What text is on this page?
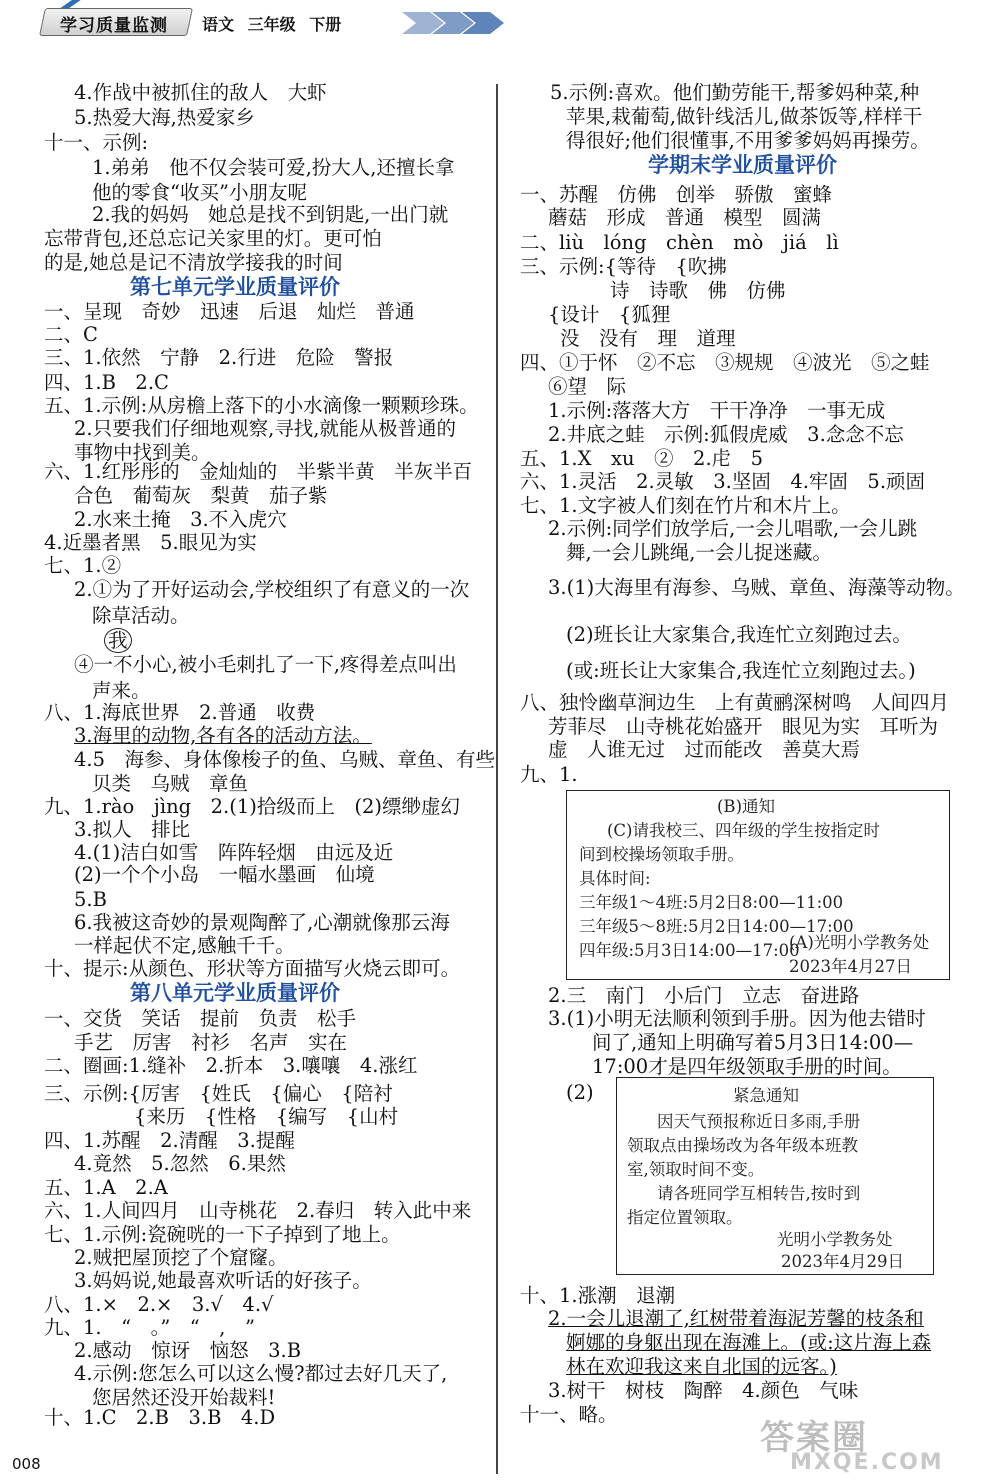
学习质量监测 语文 三年级 下册
4.作战中被抓住的敌人　大虾
5.热爱大海,热爱家乡
十一、示例:
1.弟弟　他不仅会装可爱,扮大人,还擅长拿
他的零食“收买”小朋友呢
2.我的妈妈　她总是找不到钥匙,一出门就
忘带背包,还总忘记关家里的灯。更可怕
的是,她总是记不清放学接我的时间
第七单元学业质量评价
一、呈现　奇妙　迅速　后退　灿烂　普通
二、C
三、1.依然　宁静　2.行进　危险　警报
四、1.B　2.C
五、1.示例:从房檐上落下的小水滴像一颗颗珍珠。
2.只要我们仔细地观察,寻找,就能从极普通的
事物中找到美。
六、1.红彤彤的　金灿灿的　半紫半黄　半灰半百
合色　葡萄灰　梨黄　茄子紫
2.水来土掩　3.不入虎穴
4.近墨者黑　5.眼见为实
七、1.②
2.①为了开好运动会,学校组织了有意义的一次
除草活动。
我
④一不小心,被小毛刺扎了一下,疼得差点叫出
声来。
八、1.海底世界　2.普通　收费
3.海里的动物,各有各的活动方法。
4.5　海参、身体像梭子的鱼、乌贼、章鱼、有些
贝类　乌贼　章鱼
九、1.rào　jìng　2.(1)拾级而上　(2)缥缈虚幻
3.拟人　排比
4.(1)洁白如雪　阵阵轻烟　由远及近
(2)一个个小岛　一幅水墨画　仙境
5.B
6.我被这奇妙的景观陶醉了,心潮就像那云海
一样起伏不定,感触千千。
十、提示:从颜色、形状等方面描写火烧云即可。
第八单元学业质量评价
一、交货　笑话　提前　负责　松手
手艺　厉害　衬衫　名声　实在
二、圈画:1.缝补　2.折本　3.嚷嚷　4.涨红
三、示例:{厉害　{姓氏　{偏心　{陪衬
{来历　{性格　{编写　{山村
四、1.苏醒　2.清醒　3.提醒
4.竟然　5.忽然　6.果然
五、1.A　2.A
六、1.人间四月　山寺桃花　2.春归　转入此中来
七、1.示例:瓷碗咣的一下子掉到了地上。
2.贼把屋顶挖了个窟窿。
3.妈妈说,她最喜欢听话的好孩子。
八、1.×　2.×　3.√　4.√
九、1.　“　。”　“　,　”
2.感动　惊讶　恼怒　3.B
4.示例:您怎么可以这么慢?都过去好几天了,
您居然还没开始裁料!
十、1.C　2.B　3.B　4.D
5.示例:喜欢。他们勤劳能干,帮爹妈种菜,种
苹果,栽葡萄,做针线活儿,做茶饭等,样样干
得很好;他们很懂事,不用爹爹妈妈再操劳。
学期末学业质量评价
一、苏醒　仿佛　创举　骄傲　蜜蜂
蘑菇　形成　普通　模型　圆满
二、liù　lóng　chèn　mò　jiá　lì
三、示例:{等待　{吹拂
诗　诗歌　佛　仿佛
{设计　{狐狸
没　没有　理　道理
四、①于怀　②不忘　③规规　④波光　⑤之蛙
⑥望　际
1.示例:落落大方　干干净净　一事无成
2.井底之蛙　示例:狐假虎威　3.念念不忘
五、1.X　xu　②　2.虍　5
六、1.灵活　2.灵敏　3.坚固　4.牢固　5.顽固
七、1.文字被人们刻在竹片和木片上。
2.示例:同学们放学后,一会儿唱歌,一会儿跳
舞,一会儿跳绳,一会儿捉迷藏。
3.(1)大海里有海参、乌贼、章鱼、海藻等动物。
(2)班长让大家集合,我连忙立刻跑过去。
(或:班长让大家集合,我连忙立刻跑过去。)
八、独怜幽草涧边生　上有黄鹂深树鸣　人间四月
芳菲尽　山寺桃花始盛开　眼见为实　耳听为
虚　人谁无过　过而能改　善莫大焉
九、1.
(B)通知
(C)请我校三、四年级的学生按指定时
间到校操场领取手册。
具体时间:
三年级1～4班:5月2日8:00—11:00
三年级5～8班:5月2日14:00—17:00
四年级:5月3日14:00—17:00
(A)光明小学教务处
2023年4月27日
2.三　南门　小后门　立志　奋进路
3.(1)小明无法顺利领到手册。因为他去错时
间了,通知上明确写着5月3日14:00—
17:00才是四年级领取手册的时间。
(2)	紧急通知
因天气预报称近日多雨,手册
领取点由操场改为各年级本班教
室,领取时间不变。
请各班同学互相转告,按时到
指定位置领取。
光明小学教务处
2023年4月29日
十、1.涨潮　退潮
2.一会儿退潮了,红树带着海泥芳馨的枝条和
婀娜的身躯出现在海滩上。(或:这片海上森
林在欢迎我这来自北国的远客。)
3.树干　树枝　陶醉　4.颜色　气味
十一、略。
008
答案圈
MXQE.COM
